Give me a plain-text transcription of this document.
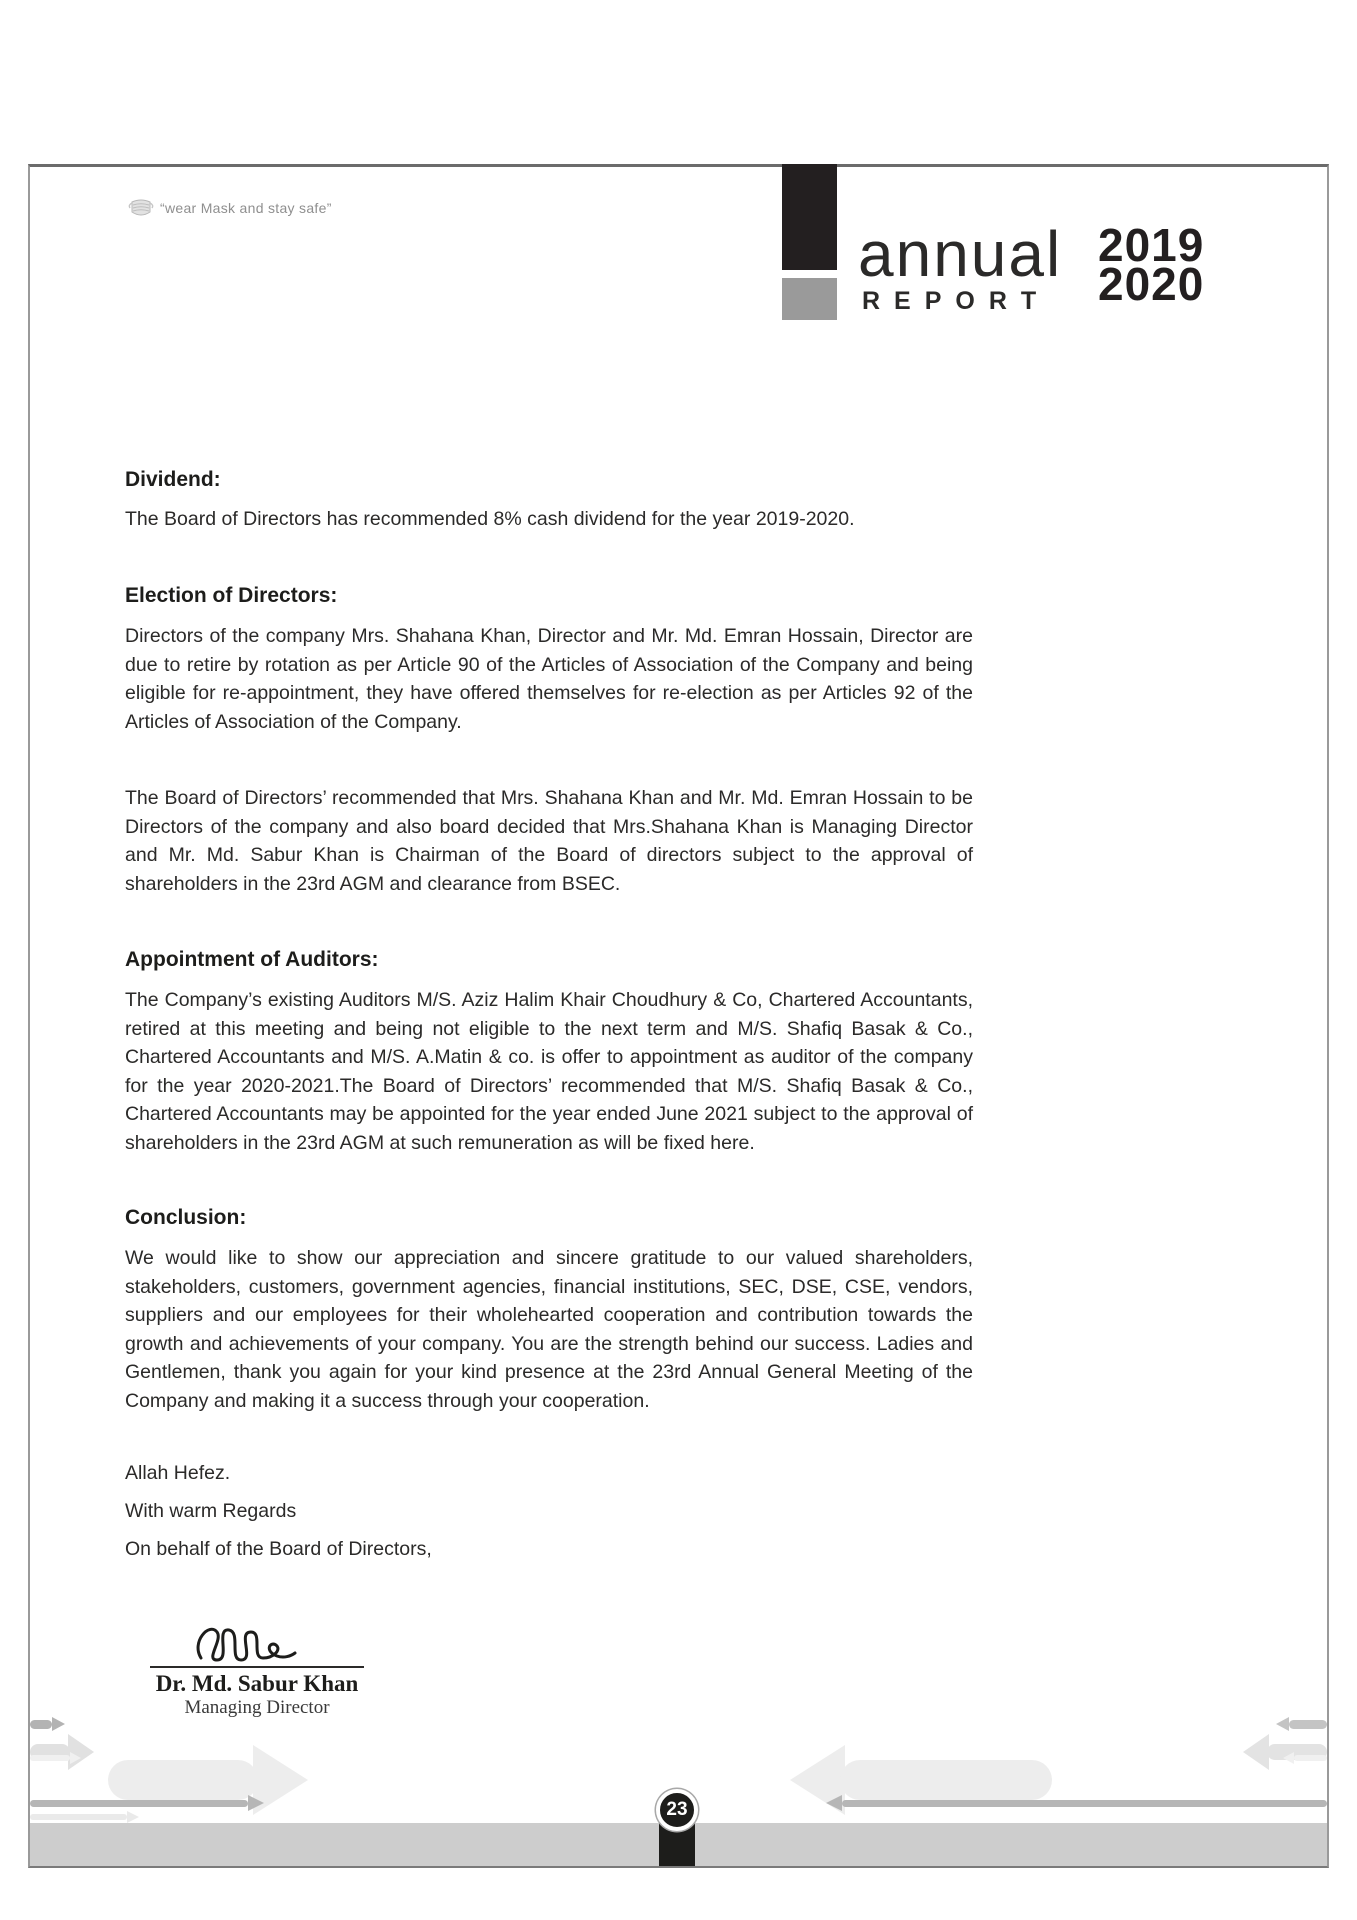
“wear Mask and stay safe”
annual
REPORT
2019
2020
Dividend:
The Board of Directors has recommended 8% cash dividend for the year 2019-2020.
Election of Directors:
Directors of the company Mrs. Shahana Khan, Director and Mr. Md. Emran Hossain, Director are due to retire by rotation as per Article 90 of the Articles of Association of the Company and being eligible for re-appointment, they have offered themselves for re-election as per Articles 92 of the Articles of Association of the Company.
The Board of Directors’ recommended that Mrs. Shahana Khan and Mr. Md. Emran Hossain to be Directors of the company and also board decided that Mrs.Shahana Khan is Managing Director and Mr. Md. Sabur Khan is Chairman of the Board of directors subject to the approval of shareholders in the 23rd AGM and clearance from BSEC.
Appointment of Auditors:
The Company’s existing Auditors M/S. Aziz Halim Khair Choudhury & Co, Chartered Accountants, retired at this meeting and being not eligible to the next term and M/S. Shafiq Basak & Co., Chartered Accountants and M/S. A.Matin & co. is offer to appointment as auditor of the company for the year 2020-2021.The Board of Directors’ recommended that M/S. Shafiq Basak & Co., Chartered Accountants may be appointed for the year ended June 2021 subject to the approval of shareholders in the 23rd AGM at such remuneration as will be fixed here.
Conclusion:
We would like to show our appreciation and sincere gratitude to our valued shareholders, stakeholders, customers, government agencies, financial institutions, SEC, DSE, CSE, vendors, suppliers and our employees for their wholehearted cooperation and contribution towards the growth and achievements of your company. You are the strength behind our success. Ladies and Gentlemen, thank you again for your kind presence at the 23rd Annual General Meeting of the Company and making it a success through your cooperation.
Allah Hefez.
With warm Regards
On behalf of the Board of Directors,
Dr. Md. Sabur Khan
Managing Director
23
